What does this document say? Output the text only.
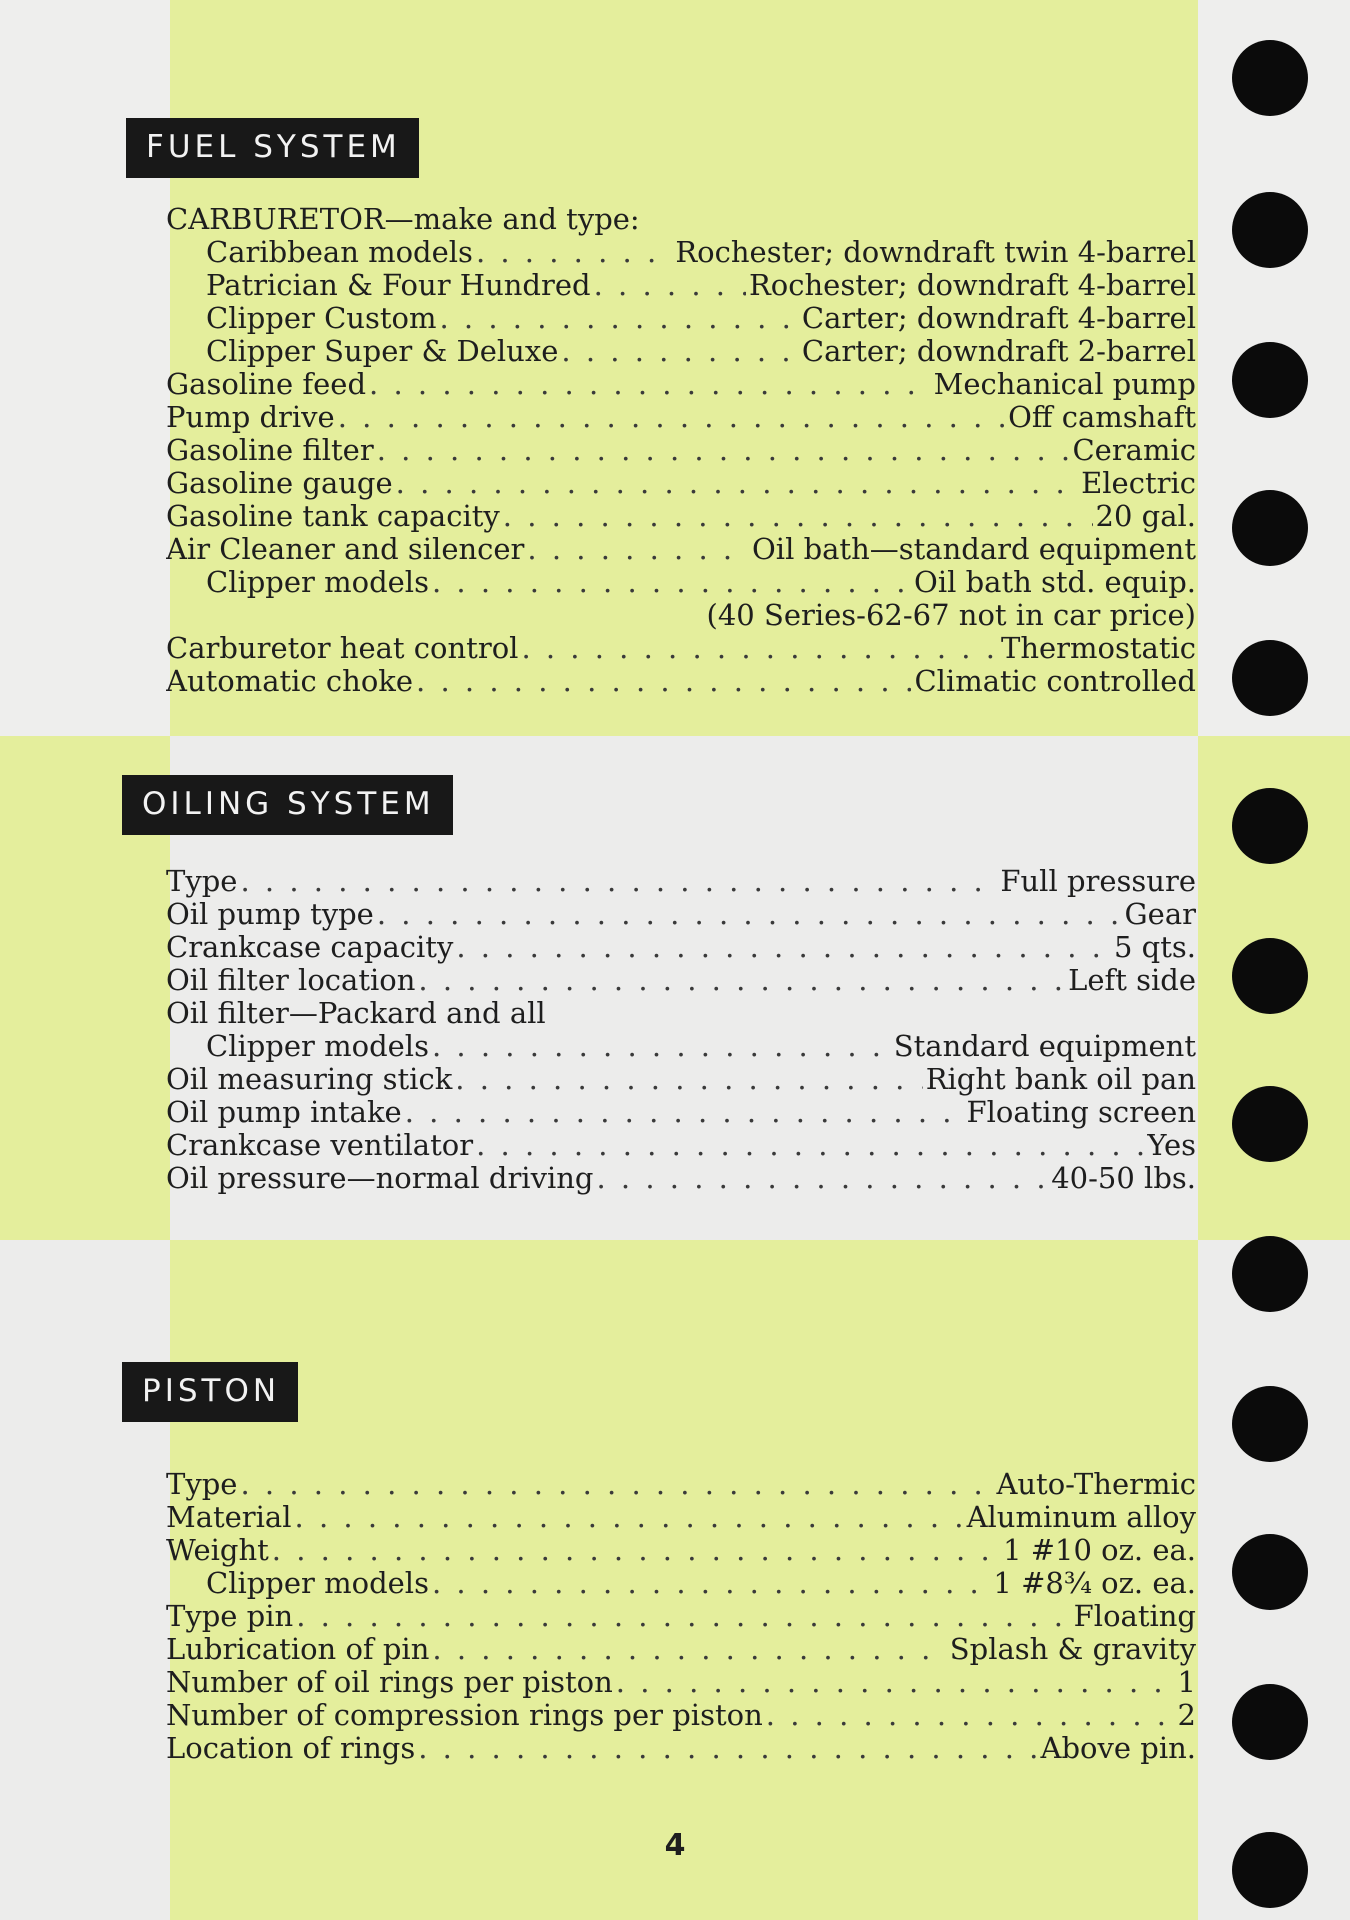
FUEL SYSTEM
CARBURETOR—make and type:
Caribbean models . . .	Rochester; downdraft twin 4-barrel
Patrician & Four Hundred . . .	Rochester; downdraft 4-barrel
Clipper Custom . . .	Carter; downdraft 4-barrel
Clipper Super & Deluxe . . .	Carter; downdraft 2-barrel
Gasoline feed . . .	Mechanical pump
Pump drive . . .	Off camshaft
Gasoline filter . . .	Ceramic
Gasoline gauge . . .	Electric
Gasoline tank capacity . . .	20 gal.
Air Cleaner and silencer . . .	Oil bath—standard equipment
Clipper models . . .	Oil bath std. equip.
(40 Series-62-67 not in car price)
Carburetor heat control . . .	Thermostatic
Automatic choke . . .	Climatic controlled
OILING SYSTEM
Type . . .	Full pressure
Oil pump type . . .	Gear
Crankcase capacity . . .	5 qts.
Oil filter location . . .	Left side
Oil filter—Packard and all
Clipper models . . .	Standard equipment
Oil measuring stick . . .	Right bank oil pan
Oil pump intake . . .	Floating screen
Crankcase ventilator . . .	Yes
Oil pressure—normal driving . . .	40-50 lbs.
PISTON
Type . . .	Auto-Thermic
Material . . .	Aluminum alloy
Weight . . .	1 #10 oz. ea.
Clipper models . . .	1 #8¾ oz. ea.
Type pin . . .	Floating
Lubrication of pin . . .	Splash & gravity
Number of oil rings per piston . . .	1
Number of compression rings per piston . . .	2
Location of rings . . .	Above pin.
4
